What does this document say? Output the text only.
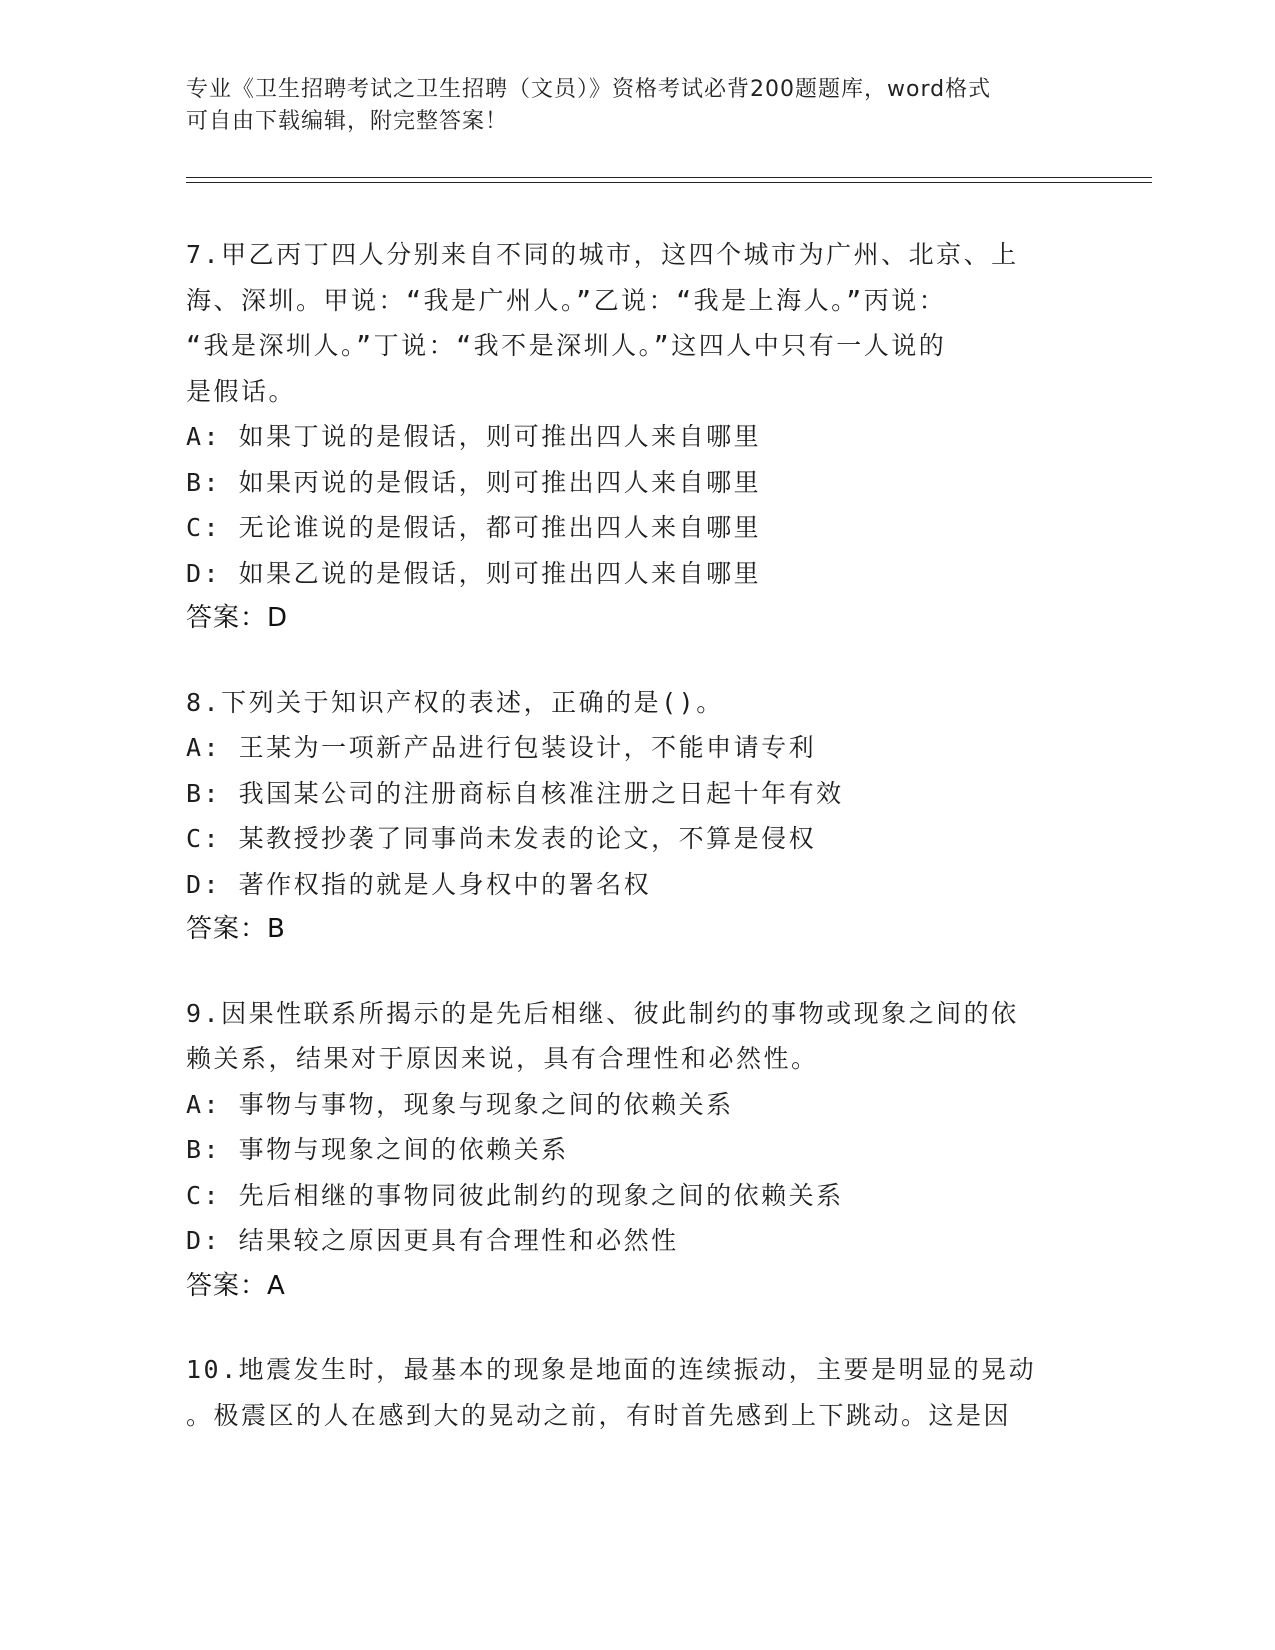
专业《卫生招聘考试之卫生招聘（文员）》资格考试必背200题题库，word格式
可自由下载编辑，附完整答案！

7.甲乙丙丁四人分别来自不同的城市，这四个城市为广州、北京、上

海、深圳。甲说：“我是广州人。”乙说：“我是上海人。”丙说：

“我是深圳人。”丁说：“我不是深圳人。”这四人中只有一人说的

是假话。

A: 如果丁说的是假话，则可推出四人来自哪里

B: 如果丙说的是假话，则可推出四人来自哪里

C: 无论谁说的是假话，都可推出四人来自哪里

D: 如果乙说的是假话，则可推出四人来自哪里

答案：D

8.下列关于知识产权的表述，正确的是()。

A: 王某为一项新产品进行包装设计，不能申请专利

B: 我国某公司的注册商标自核准注册之日起十年有效

C: 某教授抄袭了同事尚未发表的论文，不算是侵权

D: 著作权指的就是人身权中的署名权

答案：B

9.因果性联系所揭示的是先后相继、彼此制约的事物或现象之间的依

赖关系，结果对于原因来说，具有合理性和必然性。

A: 事物与事物，现象与现象之间的依赖关系

B: 事物与现象之间的依赖关系

C: 先后相继的事物同彼此制约的现象之间的依赖关系

D: 结果较之原因更具有合理性和必然性

答案：A

10.地震发生时，最基本的现象是地面的连续振动，主要是明显的晃动

。极震区的人在感到大的晃动之前，有时首先感到上下跳动。这是因
